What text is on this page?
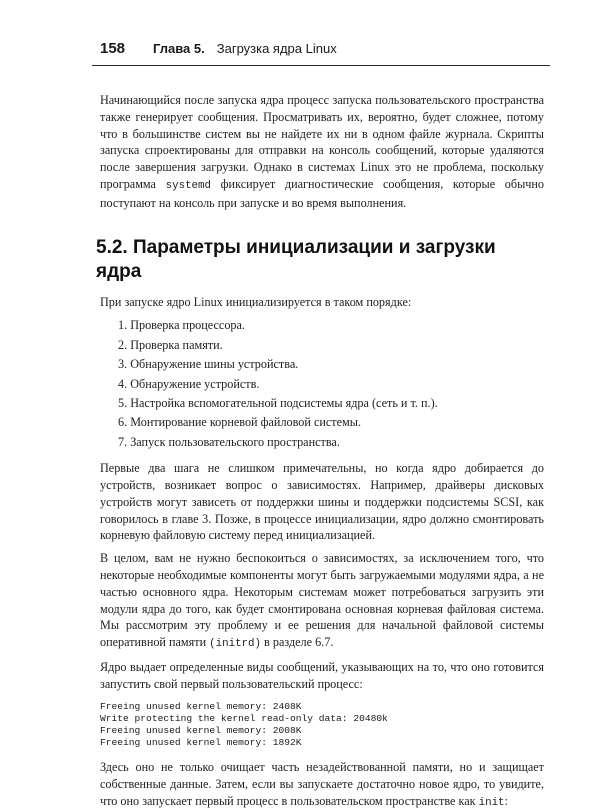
158 Глава 5. Загрузка ядра Linux

Начинающийся после запуска ядра процесс запуска пользовательского пространства также генерирует сообщения. Просматривать их, вероятно, будет сложнее, потому что в большинстве систем вы не найдете их ни в одном файле журнала. Скрипты запуска спроектированы для отправки на консоль сообщений, которые удаляются после завершения загрузки. Однако в системах Linux это не проблема, поскольку программа systemd фиксирует диагностические сообщения, которые обычно поступают на консоль при запуске и во время выполнения.

5.2. Параметры инициализации и загрузки ядра

При запуске ядро Linux инициализируется в таком порядке:

1. Проверка процессора.
2. Проверка памяти.
3. Обнаружение шины устройства.
4. Обнаружение устройств.
5. Настройка вспомогательной подсистемы ядра (сеть и т. п.).
6. Монтирование корневой файловой системы.
7. Запуск пользовательского пространства.

Первые два шага не слишком примечательны, но когда ядро добирается до устройств, возникает вопрос о зависимостях. Например, драйверы дисковых устройств могут зависеть от поддержки шины и поддержки подсистемы SCSI, как говорилось в главе 3. Позже, в процессе инициализации, ядро должно смонтировать корневую файловую систему перед инициализацией.

В целом, вам не нужно беспокоиться о зависимостях, за исключением того, что некоторые необходимые компоненты могут быть загружаемыми модулями ядра, а не частью основного ядра. Некоторым системам может потребоваться загрузить эти модули ядра до того, как будет смонтирована основная корневая файловая система. Мы рассмотрим эту проблему и ее решения для начальной файловой системы оперативной памяти (initrd) в разделе 6.7.

Ядро выдает определенные виды сообщений, указывающих на то, что оно готовится запустить свой первый пользовательский процесс:

Freeing unused kernel memory: 2408K
Write protecting the kernel read-only data: 20480k
Freeing unused kernel memory: 2008K
Freeing unused kernel memory: 1892K

Здесь оно не только очищает часть незадействованной памяти, но и защищает собственные данные. Затем, если вы запускаете достаточно новое ядро, то увидите, что оно запускает первый процесс в пользовательском пространстве как init:
